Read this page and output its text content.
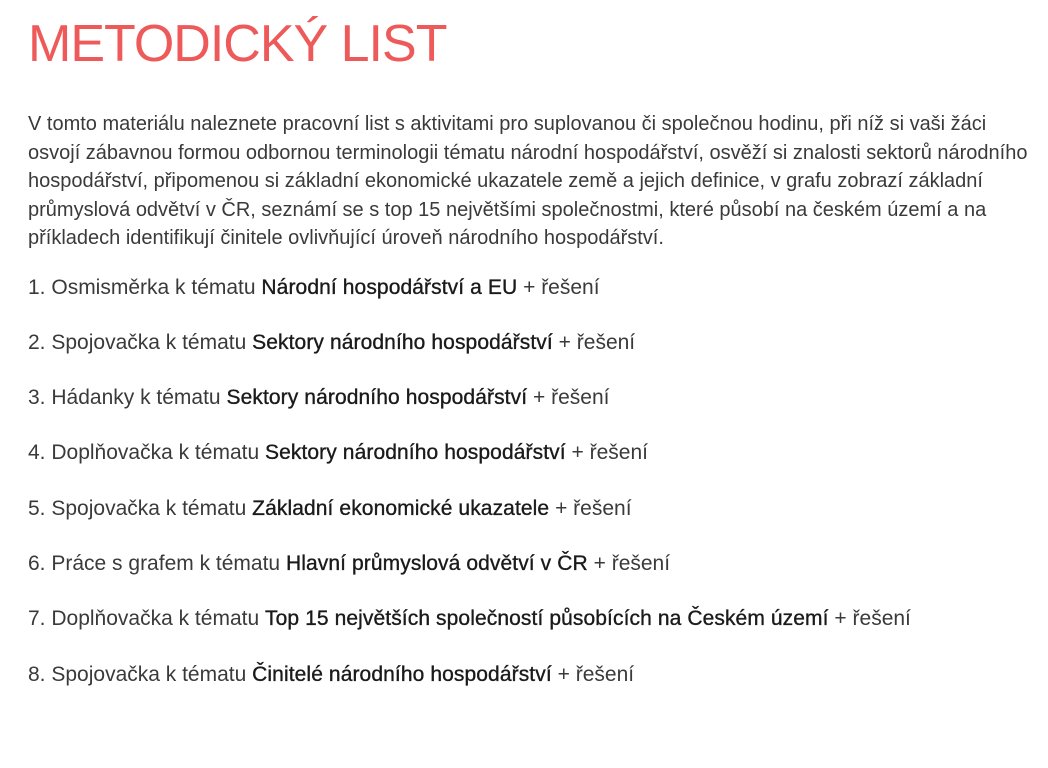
METODICKÝ LIST

V tomto materiálu naleznete pracovní list s aktivitami pro suplovanou či společnou hodinu, při níž si vaši žáci osvojí zábavnou formou odbornou terminologii tématu národní hospodářství, osvěží si znalosti sektorů národního hospodářství, připomenou si základní ekonomické ukazatele země a jejich definice, v grafu zobrazí základní průmyslová odvětví v ČR, seznámí se s top 15 největšími společnostmi, které působí na českém území a na příkladech identifikují činitele ovlivňující úroveň národního hospodářství.

1. Osmisměrka k tématu Národní hospodářství a EU + řešení
2. Spojovačka k tématu Sektory národního hospodářství + řešení
3. Hádanky k tématu Sektory národního hospodářství + řešení
4. Doplňovačka k tématu Sektory národního hospodářství + řešení
5. Spojovačka k tématu Základní ekonomické ukazatele + řešení
6. Práce s grafem k tématu Hlavní průmyslová odvětví v ČR + řešení
7. Doplňovačka k tématu Top 15 největších společností působících na Českém území + řešení
8. Spojovačka k tématu Činitelé národního hospodářství + řešení
